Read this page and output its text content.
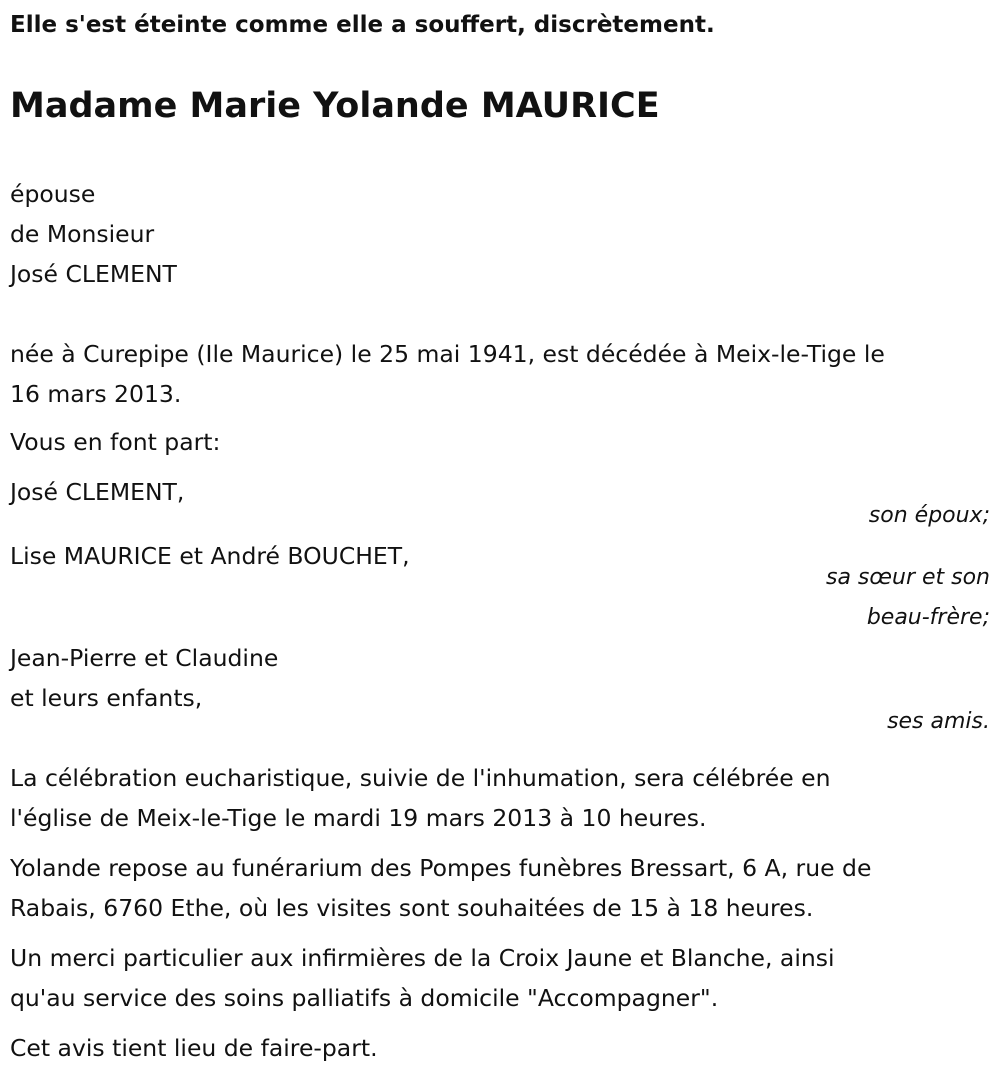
Elle s'est éteinte comme elle a souffert, discrètement.
Madame Marie Yolande MAURICE
épouse
de Monsieur
José CLEMENT
née à Curepipe (Ile Maurice) le 25 mai 1941, est décédée à Meix-le-Tige le
16 mars 2013.
Vous en font part:
José CLEMENT,
son époux;
Lise MAURICE et André BOUCHET,
sa sœur et son
beau-frère;
Jean-Pierre et Claudine
et leurs enfants,
ses amis.
La célébration eucharistique, suivie de l'inhumation, sera célébrée en
l'église de Meix-le-Tige le mardi 19 mars 2013 à 10 heures.
Yolande repose au funérarium des Pompes funèbres Bressart, 6 A, rue de
Rabais, 6760 Ethe, où les visites sont souhaitées de 15 à 18 heures.
Un merci particulier aux infirmières de la Croix Jaune et Blanche, ainsi
qu'au service des soins palliatifs à domicile "Accompagner".
Cet avis tient lieu de faire-part.
